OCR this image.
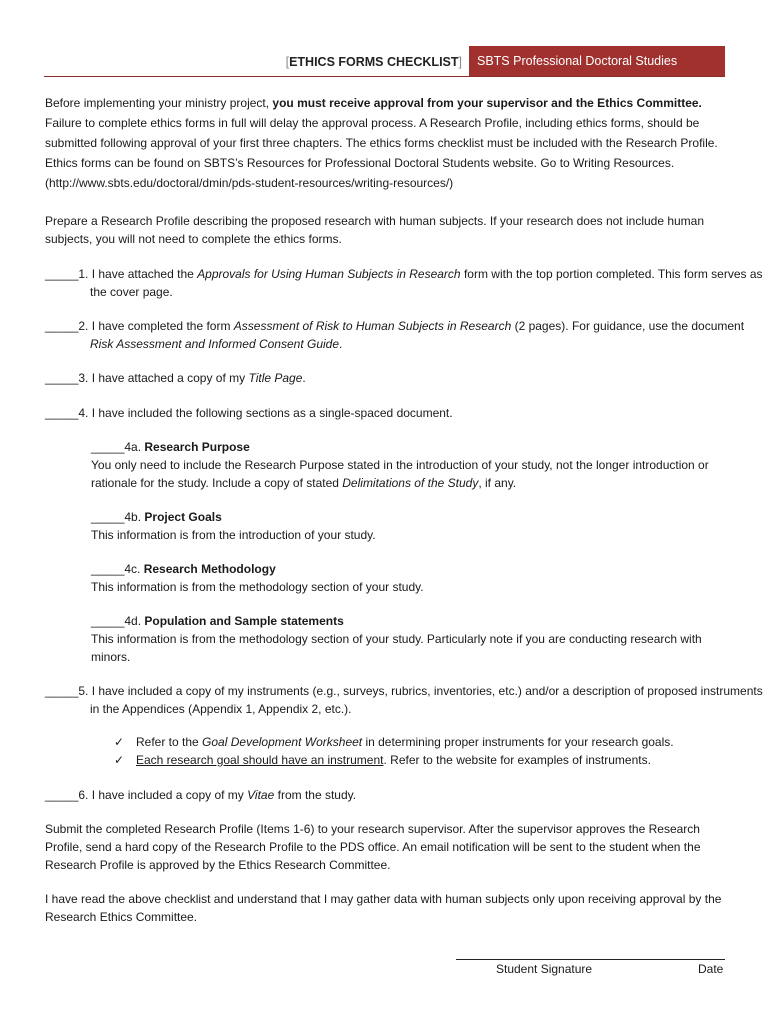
[ETHICS FORMS CHECKLIST]	SBTS Professional Doctoral Studies

Before implementing your ministry project, you must receive approval from your supervisor and the Ethics Committee. Failure to complete ethics forms in full will delay the approval process. A Research Profile, including ethics forms, should be submitted following approval of your first three chapters. The ethics forms checklist must be included with the Research Profile. Ethics forms can be found on SBTS’s Resources for Professional Doctoral Students website. Go to Writing Resources. (http://www.sbts.edu/doctoral/dmin/pds-student-resources/writing-resources/)

Prepare a Research Profile describing the proposed research with human subjects. If your research does not include human subjects, you will not need to complete the ethics forms.

_____1. I have attached the Approvals for Using Human Subjects in Research form with the top portion completed. This form serves as the cover page.

_____2. I have completed the form Assessment of Risk to Human Subjects in Research (2 pages). For guidance, use the document Risk Assessment and Informed Consent Guide.

_____3. I have attached a copy of my Title Page.

_____4. I have included the following sections as a single-spaced document.

_____4a. Research Purpose

You only need to include the Research Purpose stated in the introduction of your study, not the longer introduction or rationale for the study. Include a copy of stated Delimitations of the Study, if any.

_____4b. Project Goals

This information is from the introduction of your study.

_____4c. Research Methodology

This information is from the methodology section of your study.

_____4d. Population and Sample statements

This information is from the methodology section of your study. Particularly note if you are conducting research with minors.

_____5. I have included a copy of my instruments (e.g., surveys, rubrics, inventories, etc.) and/or a description of proposed instruments in the Appendices (Appendix 1, Appendix 2, etc.).

✓ Refer to the Goal Development Worksheet in determining proper instruments for your research goals.

✓ Each research goal should have an instrument. Refer to the website for examples of instruments.

_____6. I have included a copy of my Vitae from the study.

Submit the completed Research Profile (Items 1-6) to your research supervisor. After the supervisor approves the Research Profile, send a hard copy of the Research Profile to the PDS office. An email notification will be sent to the student when the Research Profile is approved by the Ethics Research Committee.

I have read the above checklist and understand that I may gather data with human subjects only upon receiving approval by the Research Ethics Committee.

Student Signature	Date
